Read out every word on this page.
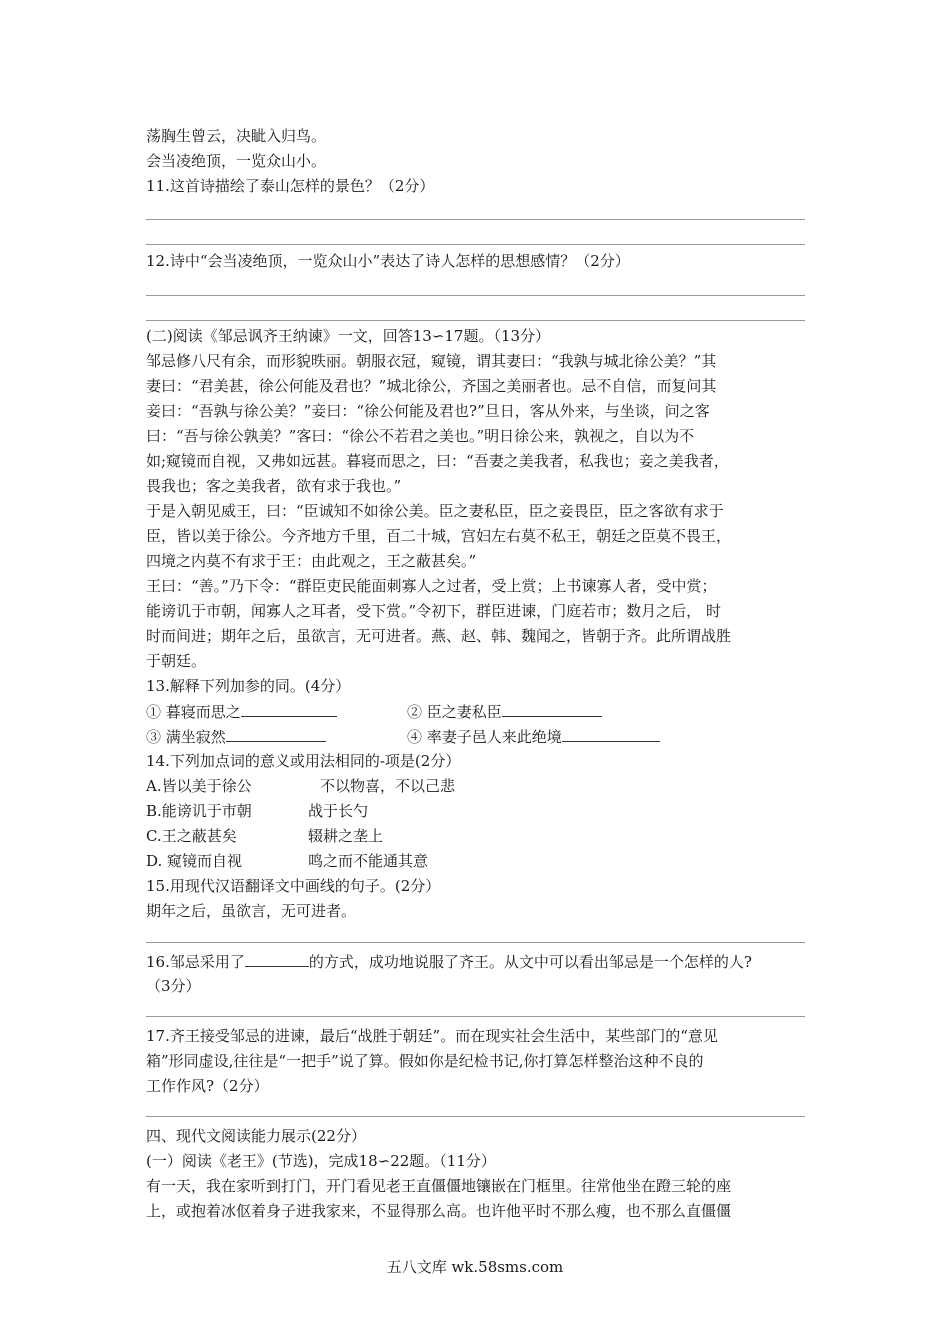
荡胸生曾云，决眦入归鸟。
会当凌绝顶，一览众山小。
11.这首诗描绘了泰山怎样的景色？（2分）
12.诗中“会当凌绝顶，一览众山小”表达了诗人怎样的思想感情？（2分）
(二)阅读《邹忌讽齐王纳谏》一文，回答13∽17题。（13分）
邹忌修八尺有余，而形貌昳丽。朝服衣冠，窥镜，谓其妻曰：“我孰与城北徐公美？”其
妻曰：“君美甚，徐公何能及君也？”城北徐公，齐国之美丽者也。忌不自信，而复问其
妾曰：“吾孰与徐公美？”妾曰：“徐公何能及君也?”旦日，客从外来，与坐谈，问之客
曰：“吾与徐公孰美？”客曰：“徐公不若君之美也。”明日徐公来，孰视之，自以为不
如;窥镜而自视，又弗如远甚。暮寝而思之，曰：“吾妻之美我者，私我也；妾之美我者，
畏我也；客之美我者，欲有求于我也。”
于是入朝见威王，曰：“臣诚知不如徐公美。臣之妻私臣，臣之妾畏臣，臣之客欲有求于
臣，皆以美于徐公。今齐地方千里，百二十城，宫妇左右莫不私王，朝廷之臣莫不畏王，
四境之内莫不有求于王：由此观之，王之蔽甚矣。”
王曰：“善。”乃下令：“群臣吏民能面刺寡人之过者，受上赏；上书谏寡人者，受中赏；
能谤讥于市朝，闻寡人之耳者，受下赏。”令初下，群臣进谏，门庭若市；数月之后， 时
时而间进；期年之后，虽欲言，无可进者。燕、赵、韩、魏闻之，皆朝于齐。此所谓战胜
于朝廷。
13.解释下列加参的同。(4分）
① 暮寝而思之	② 臣之妻私臣
③ 满坐寂然	④ 率妻子邑人来此绝境
14.下列加点词的意义或用法相同的-项是(2分）
A.皆以美于徐公	不以物喜，不以己悲
B.能谤讥于市朝	战于长勺
C.王之蔽甚矣	辍耕之垄上
D. 窥镜而自视	鸣之而不能通其意
15.用现代汉语翻译文中画线的句子。(2分）
期年之后，虽欲言，无可进者。
16.邹忌采用了	的方式，成功地说服了齐王。从文中可以看出邹忌是一个怎样的人?
（3分）
17.齐王接受邹忌的进谏，最后“战胜于朝廷”。而在现实社会生活中，某些部门的“意见
箱”形同虚设,往往是“一把手”说了算。假如你是纪检书记,你打算怎样整治这种不良的
工作作风?（2分）
四、现代文阅读能力展示(22分）
(一）阅读《老王》(节选)，完成18∽22题。（11分）
有一天，我在家听到打门，开门看见老王直僵僵地镶嵌在门框里。往常他坐在蹬三轮的座
上，或抱着冰伛着身子进我家来，不显得那么高。也许他平时不那么瘦，也不那么直僵僵
五八文库 wk.58sms.com
